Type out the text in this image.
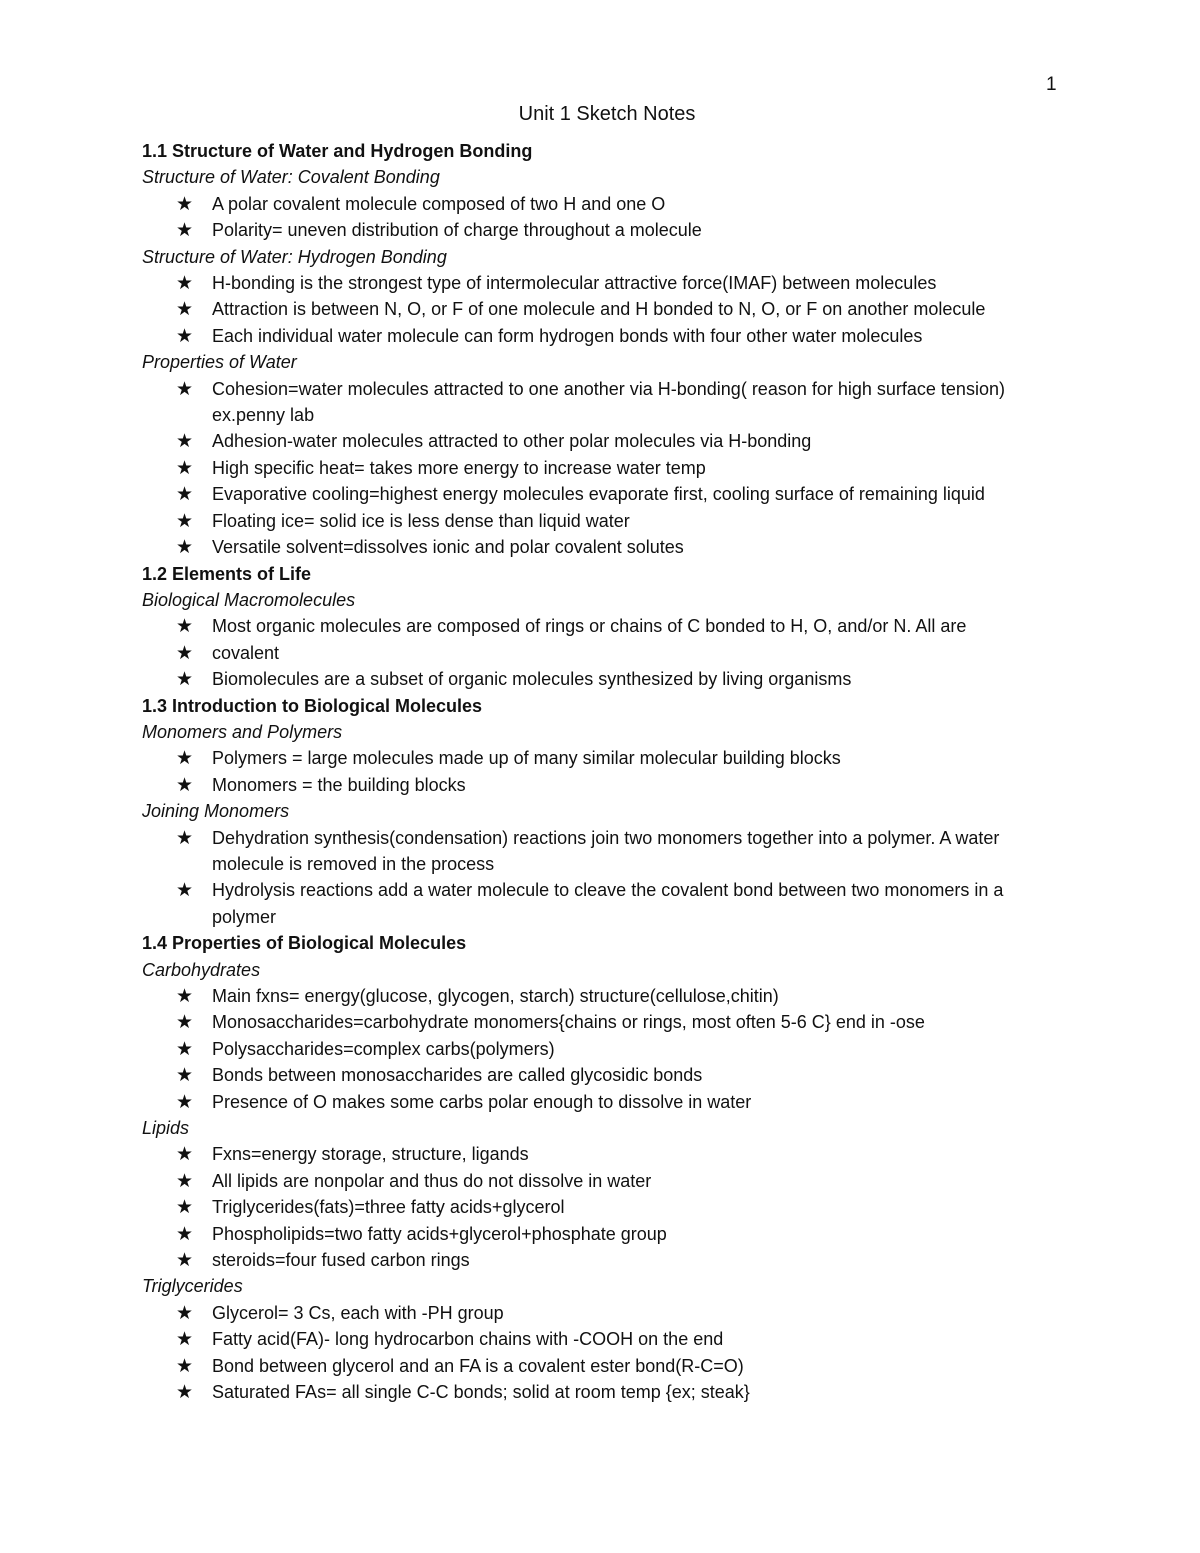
1
Unit 1 Sketch Notes
1.1 Structure of Water and Hydrogen Bonding
Structure of Water: Covalent Bonding
★ A polar covalent molecule composed of two H and one O
★ Polarity= uneven distribution of charge throughout a molecule
Structure of Water: Hydrogen Bonding
★ H-bonding is the strongest type of intermolecular attractive force(IMAF) between molecules
★ Attraction is between N, O, or F of one molecule and H bonded to N, O, or F on another molecule
★ Each individual water molecule can form hydrogen bonds with four other water molecules
Properties of Water
★ Cohesion=water molecules attracted to one another via H-bonding( reason for high surface tension) ex.penny lab
★ Adhesion-water molecules attracted to other polar molecules via H-bonding
★ High specific heat= takes more energy to increase water temp
★ Evaporative cooling=highest energy molecules evaporate first, cooling surface of remaining liquid
★ Floating ice= solid ice is less dense than liquid water
★ Versatile solvent=dissolves ionic and polar covalent solutes
1.2 Elements of Life
Biological Macromolecules
★ Most organic molecules are composed of rings or chains of C bonded to H, O, and/or N. All are
★ covalent
★ Biomolecules are a subset of organic molecules synthesized by living organisms
1.3 Introduction to Biological Molecules
Monomers and Polymers
★ Polymers = large molecules made up of many similar molecular building blocks
★ Monomers = the building blocks
Joining Monomers
★ Dehydration synthesis(condensation) reactions join two monomers together into a polymer. A water molecule is removed in the process
★ Hydrolysis reactions add a water molecule to cleave the covalent bond between two monomers in a polymer
1.4 Properties of Biological Molecules
Carbohydrates
★ Main fxns= energy(glucose, glycogen, starch) structure(cellulose,chitin)
★ Monosaccharides=carbohydrate monomers{chains or rings, most often 5-6 C} end in -ose
★ Polysaccharides=complex carbs(polymers)
★ Bonds between monosaccharides are called glycosidic bonds
★ Presence of O makes some carbs polar enough to dissolve in water
Lipids
★ Fxns=energy storage, structure, ligands
★ All lipids are nonpolar and thus do not dissolve in water
★ Triglycerides(fats)=three fatty acids+glycerol
★ Phospholipids=two fatty acids+glycerol+phosphate group
★ steroids=four fused carbon rings
Triglycerides
★ Glycerol= 3 Cs, each with -PH group
★ Fatty acid(FA)- long hydrocarbon chains with -COOH on the end
★ Bond between glycerol and an FA is a covalent ester bond(R-C=O)
★ Saturated FAs= all single C-C bonds; solid at room temp {ex; steak}
